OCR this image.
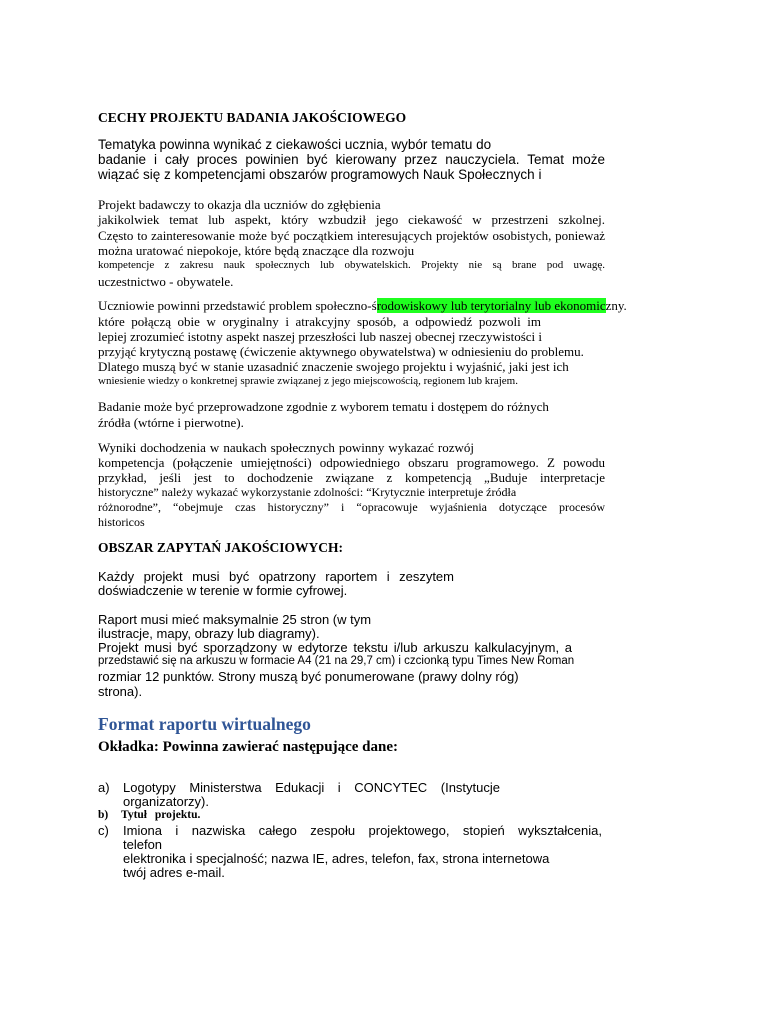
CECHY PROJEKTU BADANIA JAKOŚCIOWEGO
Tematyka powinna wynikać z ciekawości ucznia, wybór tematu do
badanie i cały proces powinien być kierowany przez nauczyciela. Temat może
wiązać się z kompetencjami obszarów programowych Nauk Społecznych i
Projekt badawczy to okazja dla uczniów do zgłębienia
jakikolwiek temat lub aspekt, który wzbudził jego ciekawość w przestrzeni szkolnej.
Często to zainteresowanie może być początkiem interesujących projektów osobistych, ponieważ
można uratować niepokoje, które będą znaczące dla rozwoju
kompetencje z zakresu nauk społecznych lub obywatelskich. Projekty nie są brane pod uwagę.
uczestnictwo - obywatele.
Uczniowie powinni przedstawić problem społeczno-środowiskowy lub terytorialny lub ekonomiczny.
które połączą obie w oryginalny i atrakcyjny sposób, a odpowiedź pozwoli im
lepiej zrozumieć istotny aspekt naszej przeszłości lub naszej obecnej rzeczywistości i
przyjąć krytyczną postawę (ćwiczenie aktywnego obywatelstwa) w odniesieniu do problemu.
Dlatego muszą być w stanie uzasadnić znaczenie swojego projektu i wyjaśnić, jaki jest ich
wniesienie wiedzy o konkretnej sprawie związanej z jego miejscowością, regionem lub krajem.
Badanie może być przeprowadzone zgodnie z wyborem tematu i dostępem do różnych
źródła (wtórne i pierwotne).
Wyniki dochodzenia w naukach społecznych powinny wykazać rozwój
kompetencja (połączenie umiejętności) odpowiedniego obszaru programowego. Z powodu
przykład, jeśli jest to dochodzenie związane z kompetencją „Buduje interpretacje
historyczne” należy wykazać wykorzystanie zdolności: “Krytycznie interpretuje źródła
różnorodne”, “obejmuje czas historyczny” i “opracowuje wyjaśnienia dotyczące procesów
historicos
OBSZAR ZAPYTAŃ JAKOŚCIOWYCH:
Każdy projekt musi być opatrzony raportem i zeszytem
doświadczenie w terenie w formie cyfrowej.
Raport musi mieć maksymalnie 25 stron (w tym
ilustracje, mapy, obrazy lub diagramy).
Projekt musi być sporządzony w edytorze tekstu i/lub arkuszu kalkulacyjnym, a
przedstawić się na arkuszu w formacie A4 (21 na 29,7 cm) i czcionką typu Times New Roman
rozmiar 12 punktów. Strony muszą być ponumerowane (prawy dolny róg)
strona).
Format raportu wirtualnego
Okładka: Powinna zawierać następujące dane:
a) Logotypy Ministerstwa Edukacji i CONCYTEC (Instytucje
organizatorzy).
b) Tytuł projektu.
c) Imiona i nazwiska całego zespołu projektowego, stopień wykształcenia,
telefon
elektronika i specjalność; nazwa IE, adres, telefon, fax, strona internetowa
twój adres e-mail.
